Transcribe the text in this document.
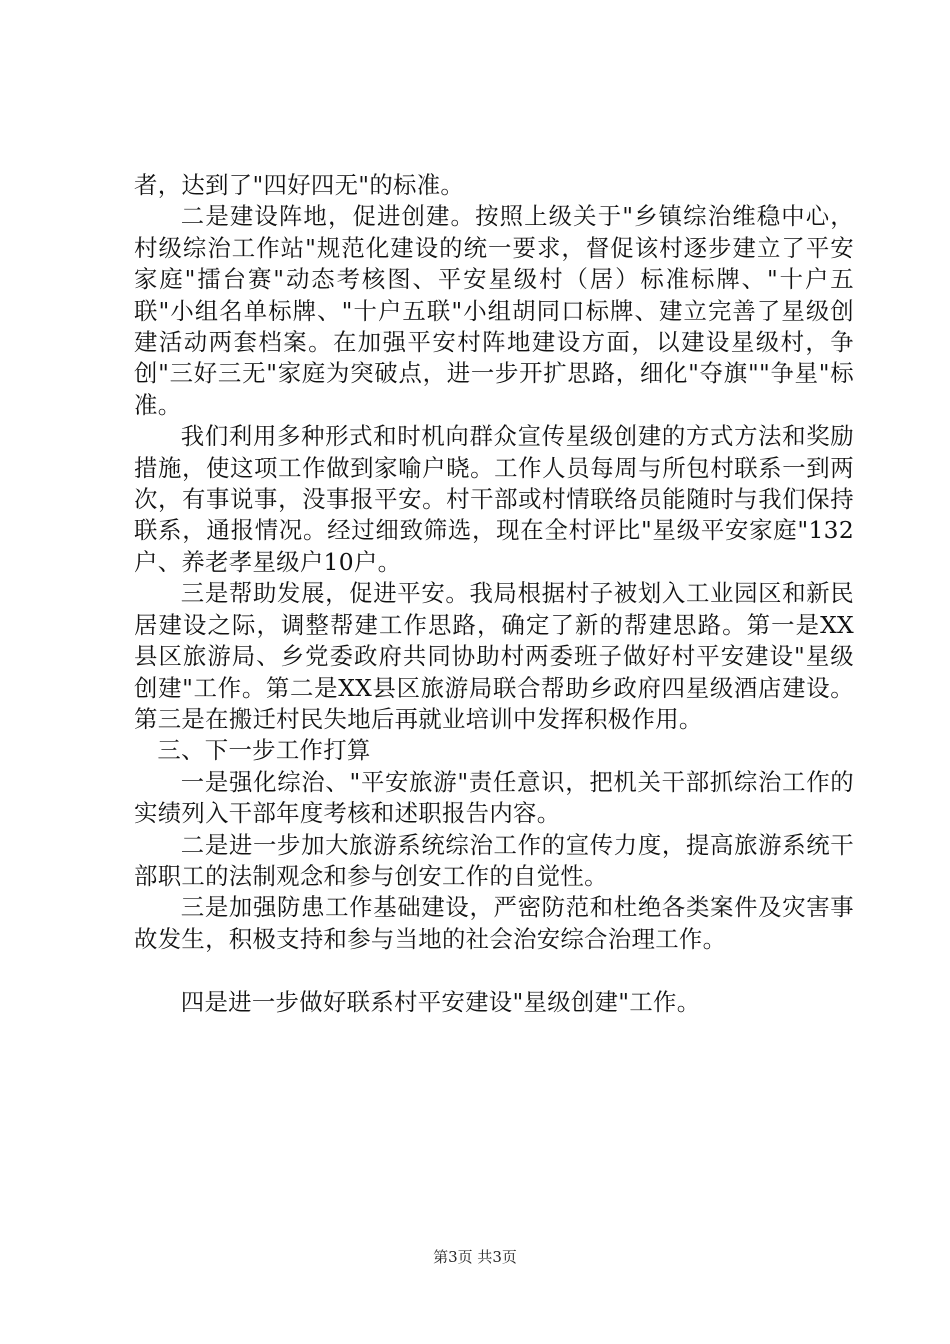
者，达到了"四好四无"的标准。

二是建设阵地，促进创建。按照上级关于"乡镇综治维稳中心，村级综治工作站"规范化建设的统一要求，督促该村逐步建立了平安家庭"擂台赛"动态考核图、平安星级村（居）标准标牌、"十户五联"小组名单标牌、"十户五联"小组胡同口标牌、建立完善了星级创建活动两套档案。在加强平安村阵地建设方面，以建设星级村，争创"三好三无"家庭为突破点，进一步开扩思路，细化"夺旗""争星"标准。

我们利用多种形式和时机向群众宣传星级创建的方式方法和奖励措施，使这项工作做到家喻户晓。工作人员每周与所包村联系一到两次，有事说事，没事报平安。村干部或村情联络员能随时与我们保持联系，通报情况。经过细致筛选，现在全村评比"星级平安家庭"132户、养老孝星级户10户。

三是帮助发展，促进平安。我局根据村子被划入工业园区和新民居建设之际，调整帮建工作思路，确定了新的帮建思路。第一是XX县区旅游局、乡党委政府共同协助村两委班子做好村平安建设"星级创建"工作。第二是XX县区旅游局联合帮助乡政府四星级酒店建设。第三是在搬迁村民失地后再就业培训中发挥积极作用。

三、下一步工作打算

一是强化综治、"平安旅游"责任意识，把机关干部抓综治工作的实绩列入干部年度考核和述职报告内容。

二是进一步加大旅游系统综治工作的宣传力度，提高旅游系统干部职工的法制观念和参与创安工作的自觉性。

三是加强防患工作基础建设，严密防范和杜绝各类案件及灾害事故发生，积极支持和参与当地的社会治安综合治理工作。

四是进一步做好联系村平安建设"星级创建"工作。

第3页 共3页
